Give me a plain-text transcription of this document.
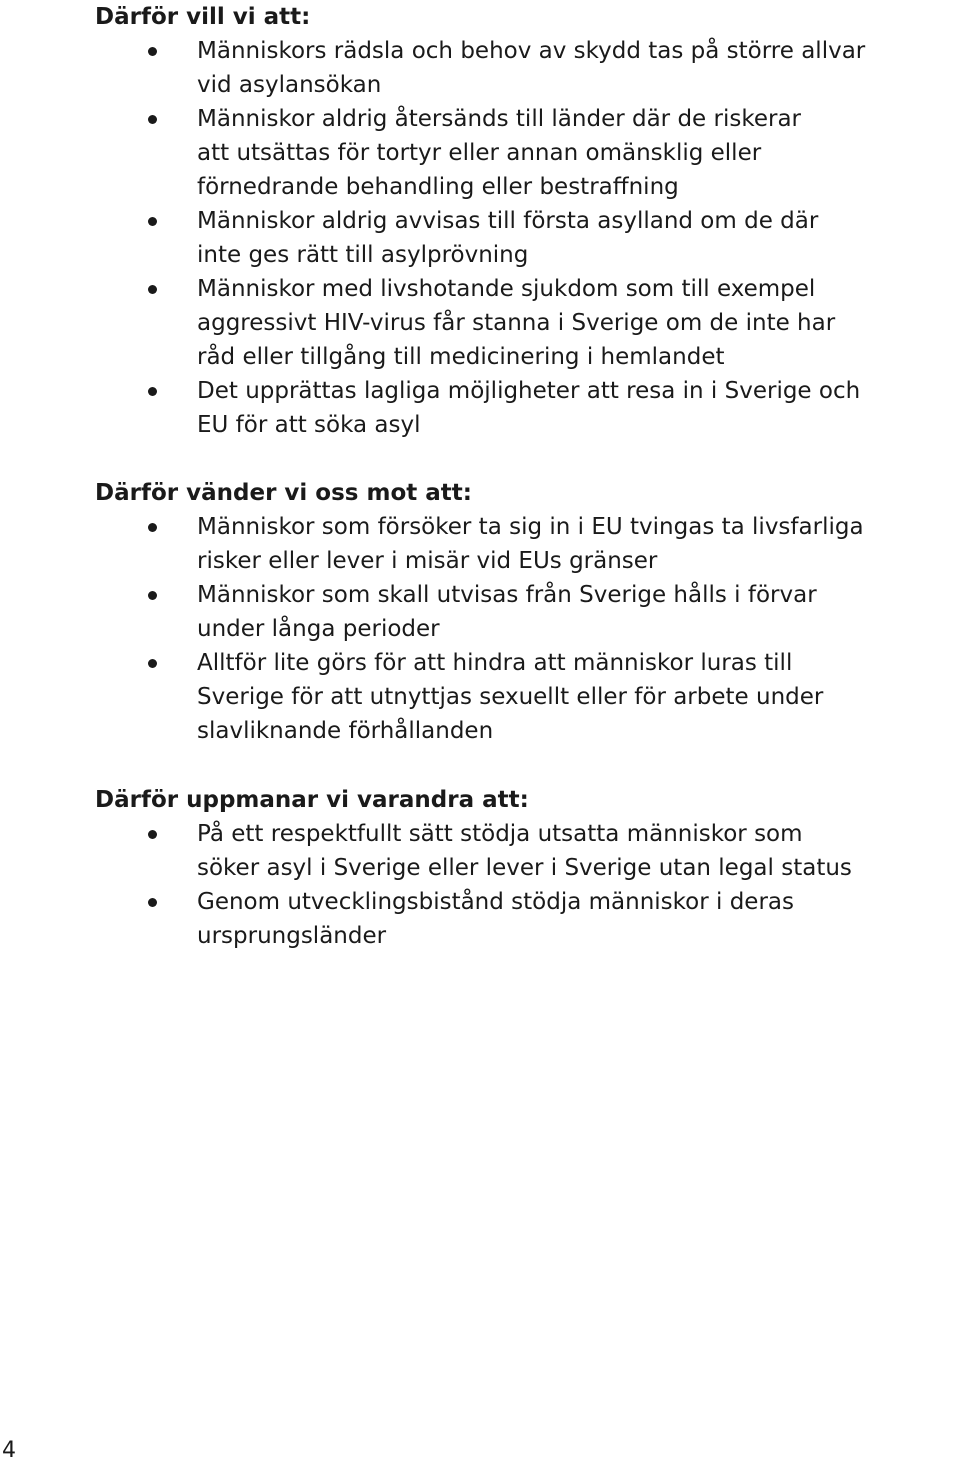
Därför vill vi att:
Människors rädsla och behov av skydd tas på större allvar
vid asylansökan
Människor aldrig återsänds till länder där de riskerar
att utsättas för tortyr eller annan omänsklig eller
förnedrande behandling eller bestraffning
Människor aldrig avvisas till första asylland om de där
inte ges rätt till asylprövning
Människor med livshotande sjukdom som till exempel
aggressivt HIV-virus får stanna i Sverige om de inte har
råd eller tillgång till medicinering i hemlandet
Det upprättas lagliga möjligheter att resa in i Sverige och
EU för att söka asyl
Därför vänder vi oss mot att:
Människor som försöker ta sig in i EU tvingas ta livsfarliga
risker eller lever i misär vid EUs gränser
Människor som skall utvisas från Sverige hålls i förvar
under långa perioder
Alltför lite görs för att hindra att människor luras till
Sverige för att utnyttjas sexuellt eller för arbete under
slavliknande förhållanden
Därför uppmanar vi varandra att:
På ett respektfullt sätt stödja utsatta människor som
söker asyl i Sverige eller lever i Sverige utan legal status
Genom utvecklingsbistånd stödja människor i deras
ursprungsländer
4
